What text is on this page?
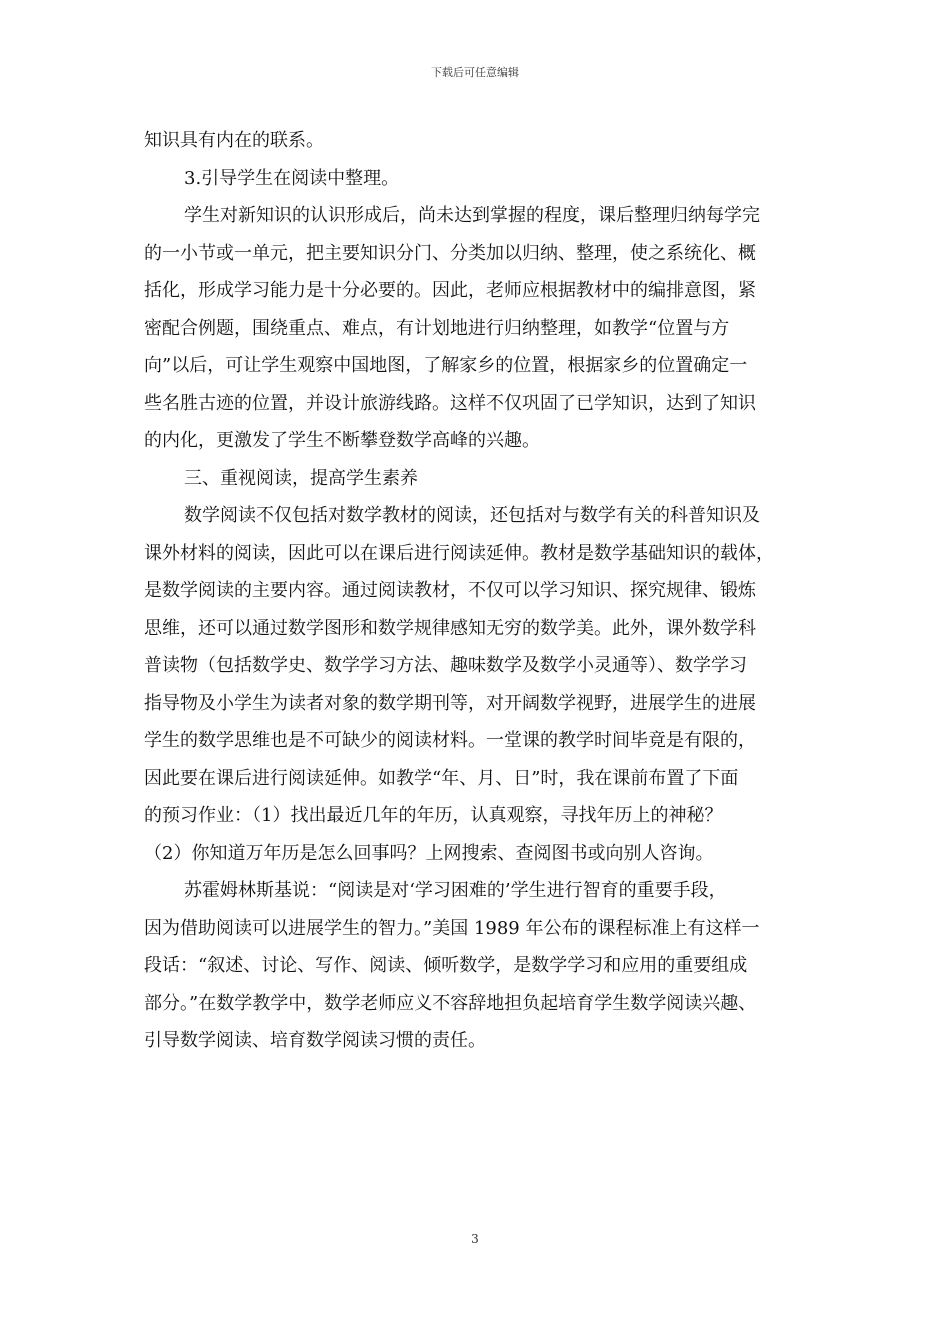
下载后可任意编辑
知识具有内在的联系。
3.引导学生在阅读中整理。
学生对新知识的认识形成后，尚未达到掌握的程度，课后整理归纳每学完
的一小节或一单元，把主要知识分门、分类加以归纳、整理，使之系统化、概
括化，形成学习能力是十分必要的。因此，老师应根据教材中的编排意图，紧
密配合例题，围绕重点、难点，有计划地进行归纳整理，如教学“位置与方
向”以后，可让学生观察中国地图，了解家乡的位置，根据家乡的位置确定一
些名胜古迹的位置，并设计旅游线路。这样不仅巩固了已学知识，达到了知识
的内化，更激发了学生不断攀登数学高峰的兴趣。
三、重视阅读，提高学生素养
数学阅读不仅包括对数学教材的阅读，还包括对与数学有关的科普知识及
课外材料的阅读，因此可以在课后进行阅读延伸。教材是数学基础知识的载体，
是数学阅读的主要内容。通过阅读教材，不仅可以学习知识、探究规律、锻炼
思维，还可以通过数学图形和数学规律感知无穷的数学美。此外，课外数学科
普读物（包括数学史、数学学习方法、趣味数学及数学小灵通等）、数学学习
指导物及小学生为读者对象的数学期刊等，对开阔数学视野，进展学生的进展
学生的数学思维也是不可缺少的阅读材料。一堂课的教学时间毕竟是有限的，
因此要在课后进行阅读延伸。如教学“年、月、日”时，我在课前布置了下面
的预习作业：（1）找出最近几年的年历，认真观察，寻找年历上的神秘？
（2）你知道万年历是怎么回事吗？上网搜索、查阅图书或向别人咨询。
苏霍姆林斯基说：“阅读是对‘学习困难的’学生进行智育的重要手段，
因为借助阅读可以进展学生的智力。”美国 1989 年公布的课程标准上有这样一
段话：“叙述、讨论、写作、阅读、倾听数学，是数学学习和应用的重要组成
部分。”在数学教学中，数学老师应义不容辞地担负起培育学生数学阅读兴趣、
引导数学阅读、培育数学阅读习惯的责任。
3
